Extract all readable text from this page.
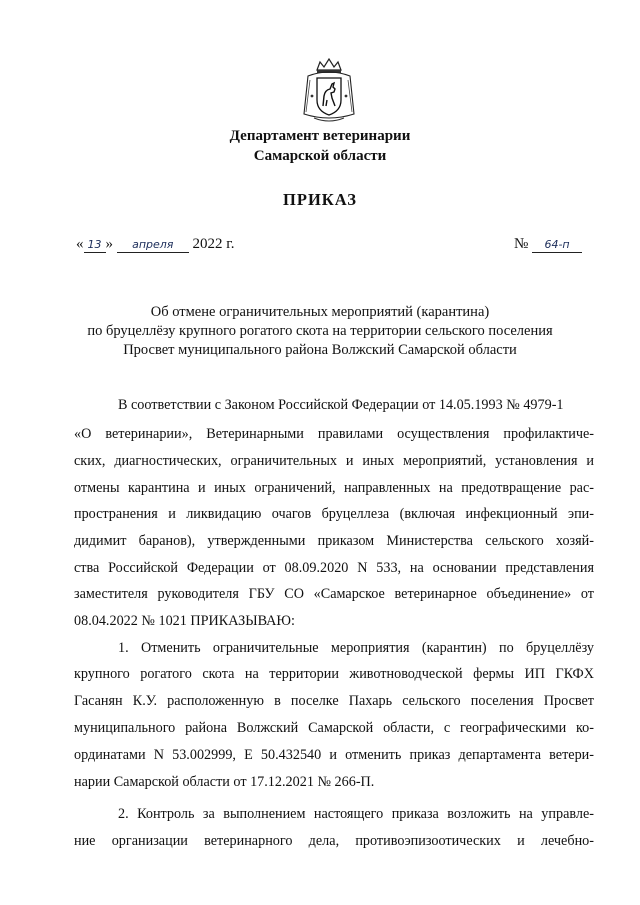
Департамент ветеринарии
Самарской области
ПРИКАЗ
« 13 » апреля 2022 г.	№ 64-п
Об отмене ограничительных мероприятий (карантина)
по бруцеллёзу крупного рогатого скота на территории сельского поселения
Просвет муниципального района Волжский Самарской области
В соответствии с Законом Российской Федерации от 14.05.1993 № 4979-1
«О ветеринарии», Ветеринарными правилами осуществления профилактиче-
ских, диагностических, ограничительных и иных мероприятий, установления и
отмены карантина и иных ограничений, направленных на предотвращение рас-
пространения и ликвидацию очагов бруцеллеза (включая инфекционный эпи-
дидимит баранов), утвержденными приказом Министерства сельского хозяй-
ства Российской Федерации от 08.09.2020 N 533, на основании представления
заместителя руководителя ГБУ СО «Самарское ветеринарное объединение» от
08.04.2022 № 1021 ПРИКАЗЫВАЮ:
1. Отменить ограничительные мероприятия (карантин) по бруцеллёзу
крупного рогатого скота на территории животноводческой фермы ИП ГКФХ
Гасанян К.У. расположенную в поселке Пахарь сельского поселения Просвет
муниципального района Волжский Самарской области, с географическими ко-
ординатами N 53.002999, E 50.432540 и отменить приказ департамента ветери-
нарии Самарской области от 17.12.2021 № 266-П.
2. Контроль за выполнением настоящего приказа возложить на управле-
ние организации ветеринарного дела, противоэпизоотических и лечебно-
